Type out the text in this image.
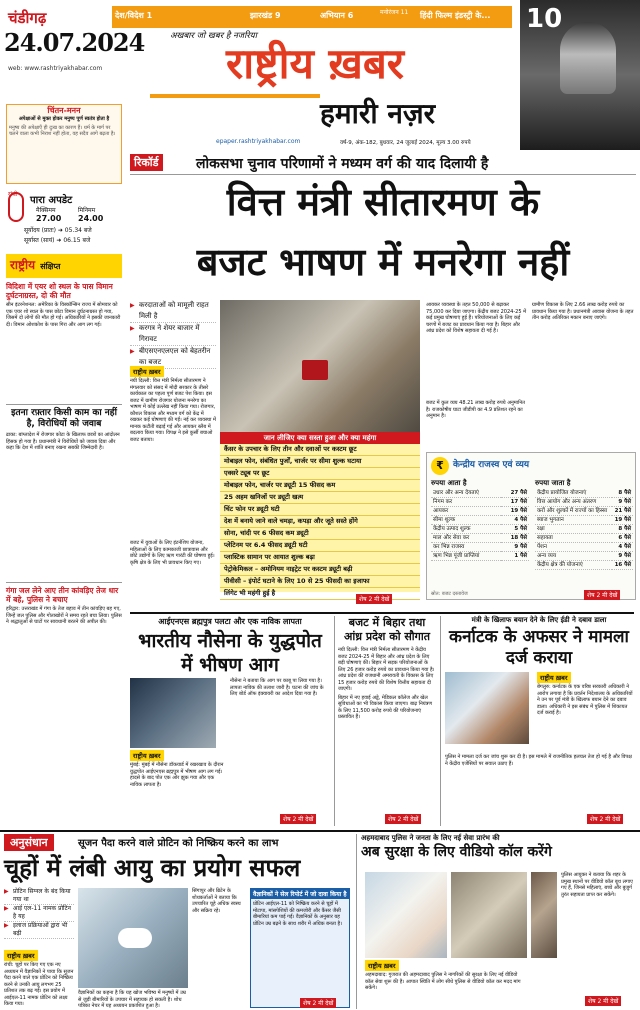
चंडीगढ़
24.07.2024
web: www.rashtriyakhabar.com
देश/विदेश 1	झारखंड 9	अभियान 6	मनोरंजन 11	हिंदी फिल्म इंडस्ट्री के...
अखबार जो खबर है नजरिया
राष्ट्रीय ख़बर
हमारी नज़र
epaper.rashtriyakhabar.com	वर्ष-9, अंक-182, बुधवार, 24 जुलाई 2024, मूल्य 3.00 रुपये
10
चिंतन-मनन
अपेक्षाओं से मुक्त होकर मनुष्य पूर्ण स्वतंत्र होता है
मनुष्य की अपेक्षाएँ ही दुःख का कारण हैं। धर्म के मार्ग पर चलने वाला कभी निराश नहीं होता, वह सदैव आगे बढ़ता है।
रांची
पारा अपडेट
मैक्सिमम	मिनिमम
27.00 24.00
सूर्योदय (प्रातः) ➜ 05.34 बजे
सूर्यास्त (सायं) ➜ 06.15 बजे
राष्ट्रीय संक्षिप्त
विदिशा में एयर शो स्थल के पास विमान दुर्घटनाग्रस्त, दो की मौत
सीन इंटरनेशनल: अमेरिका के विस्कॉन्सिन राज्य में सोमवार को एक एयर शो स्थल के पास छोटा विमान दुर्घटनाग्रस्त हो गया, जिसमें दो लोगों की मौत हो गई। अधिकारियों ने इसकी जानकारी दी। विमान ओशकोश के पास गिरा और आग लग गई।
इतना रफ़्तार किसी काम का नहीं है, विरोधियों को जवाब
ढाका: बांग्लादेश में रोजगार कोटा के खिलाफ छात्रों का आंदोलन हिंसक हो गया है। प्रधानमंत्री ने विरोधियों को जवाब दिया और कहा कि देश में शांति बनाए रखना सबकी जिम्मेदारी है।
गंगा जल लेने आए तीन कांवड़िए तेज धार में बहे, पुलिस ने बचाए
हरिद्वार: उत्तराखंड में गंगा के तेज बहाव में तीन कांवड़िए बह गए, जिन्हें जल पुलिस और गोताखोरों ने समय रहते बचा लिया। पुलिस ने श्रद्धालुओं से घाटों पर सावधानी बरतने की अपील की।
रिकॉर्ड	लोकसभा चुनाव परिणामों ने मध्यम वर्ग की याद दिलायी है
वित्त मंत्री सीतारमण के
बजट भाषण में मनरेगा नहीं
▶ करदाताओं को मामूली राहत मिली है
▶ करगत्र ने शेयर बाजार में गिरावट
▶ बीएसएनएलएल को बेहतरीन का बजट
राष्ट्रीय ख़बर
नयी दिल्ली: वित्त मंत्री निर्मला सीतारमण ने मंगलवार को संसद में मोदी सरकार के तीसरे कार्यकाल का पहला पूर्ण बजट पेश किया। इस बजट में ग्रामीण रोजगार योजना मनरेगा का भाषण में कोई उल्लेख नहीं किया गया। रोजगार, कौशल विकास और मध्यम वर्ग को केंद्र में रखकर कई घोषणाएं की गईं। नई कर व्यवस्था में मानक कटौती बढ़ाई गई और आयकर स्लैब में बदलाव किया गया। विपक्ष ने इसे कुर्सी बचाओ बजट बताया।
बजट में युवाओं के लिए इंटर्नशिप योजना, महिलाओं के लिए कामकाजी छात्रावास और छोटे उद्योगों के लिए ऋण गारंटी की घोषणा हुई। कृषि क्षेत्र के लिए भी प्रावधान किए गए।
जान लीजिए क्या सस्ता हुआ और क्या महंगा
कैंसर के उपचार के लिए तीन और दवाओं पर कस्टम छूट
मोबाइल फोन, संबंधित पुर्जों, चार्जर पर सीमा शुल्क घटाया
एक्सरे ट्यूब पर छूट
मोबाइल फोन, चार्जर पर ड्यूटी 15 फीसद कम
25 अहम खनिजों पर ड्यूटी खत्म
चिंट फोन पर ड्यूटी घटी
देश में बनाये जाने वाले चमड़ा, कपड़ा और जूते सस्ते होंगे
सोना, चांदी पर 6 फीसद कम ड्यूटी
प्लेटिनम पर 6.4 फीसद ड्यूटी घटी
प्लास्टिक सामान पर आयात शुल्क बढ़ा
पेट्रोकेमिकल – अमोनियम नाइट्रेट पर कस्टम ड्यूटी बढ़ी
पीवीसी – इंपोर्ट घटाने के लिए 10 से 25 फीसदी का इजाफा
लिंगेट भी महंगी हुई है
शेष 2 मी देखें
आयकर व्यवस्था के तहत 50,000 से बढ़ाकर 75,000 कर दिया जाएगा। केंद्रीय बजट 2024-25 में कई प्रमुख घोषणाएं हुई हैं। परियोजनाओं के लिए कई चरणों में बजट का प्रावधान किया गया है। बिहार और आंध्र प्रदेश को विशेष सहायता दी गई है।
ग्रामीण विकास के लिए 2.66 लाख करोड़ रुपये का प्रावधान किया गया है। प्रधानमंत्री आवास योजना के तहत तीन करोड़ अतिरिक्त मकान बनाए जाएंगे।
बजट में कुल व्यय 48.21 लाख करोड़ रुपये अनुमानित है। राजकोषीय घाटा जीडीपी का 4.9 प्रतिशत रहने का अनुमान है।
₹	केन्द्रीय राजस्व एवं व्यय
रुपया आता है	रुपया जाता है
उधार और अन्य देयताएं	27 पैसे
निगम कर	17 पैसे
आयकर	19 पैसे
सीमा शुल्क	4 पैसे
केंद्रीय उत्पाद शुल्क	5 पैसे
माल और सेवा कर	18 पैसे
कर भिन्न राजस्व	9 पैसे
ऋण भिन्न पूंजी प्राप्तियां	1 पैसे
केंद्रीय प्रायोजित योजनाएं	8 पैसे
वित्त आयोग और अन्य अंतरण	9 पैसे
करों और शुल्कों में राज्यों का हिस्सा	21 पैसे
ब्याज भुगतान	19 पैसे
रक्षा	8 पैसे
सहायता	6 पैसे
पेंशन	4 पैसे
अन्य व्यय	9 पैसे
केंद्रीय क्षेत्र की योजनाएं	16 पैसे
स्रोत: बजट दस्तावेज	शेष 2 मी देखें
आईएनएस ब्रह्मपुत्र पलटा और एक नाविक लापता
भारतीय नौसेना के युद्धपोत में भीषण आग
राष्ट्रीय ख़बर
मुंबई: मुंबई में नौसेना डॉकयार्ड में रखरखाव के दौरान युद्धपोत आईएनएस ब्रह्मपुत्र में भीषण आग लग गई। हादसे के बाद पोत एक ओर झुक गया और एक नाविक लापता है।
नौसेना ने बताया कि आग पर काबू पा लिया गया है। लापता नाविक की तलाश जारी है। घटना की जांच के लिए बोर्ड ऑफ इंक्वायरी का आदेश दिया गया है।
शेष 2 मी देखें
बजट में बिहार तथा आंध्र प्रदेश को सौगात
नयी दिल्ली: वित्त मंत्री निर्मला सीतारमण ने केंद्रीय बजट 2024-25 में बिहार और आंध्र प्रदेश के लिए बड़ी घोषणाएं कीं। बिहार में सड़क परियोजनाओं के लिए 26 हजार करोड़ रुपये का प्रावधान किया गया है। आंध्र प्रदेश की राजधानी अमरावती के विकास के लिए 15 हजार करोड़ रुपये की विशेष वित्तीय सहायता दी जाएगी।
बिहार में नए हवाई अड्डे, मेडिकल कॉलेज और खेल सुविधाओं का भी विकास किया जाएगा। बाढ़ नियंत्रण के लिए 11,500 करोड़ रुपये की परियोजनाएं प्रस्तावित हैं।
शेष 2 मी देखें
मंत्री के खिलाफ बयान देने के लिए ईडी ने दबाव डाला
कर्नाटक के अफसर ने मामला दर्ज कराया
राष्ट्रीय ख़बर
बेंगलुरु: कर्नाटक के एक वरिष्ठ सरकारी अधिकारी ने आरोप लगाया है कि प्रवर्तन निदेशालय के अधिकारियों ने उन पर पूर्व मंत्री के खिलाफ बयान देने का दबाव डाला। अधिकारी ने इस संबंध में पुलिस में शिकायत दर्ज कराई है।
पुलिस ने मामला दर्ज कर जांच शुरू कर दी है। इस मामले में राजनीतिक हलचल तेज हो गई है और विपक्ष ने केंद्रीय एजेंसियों पर सवाल उठाए हैं।
शेष 2 मी देखें
अनुसंधान	सूजन पैदा करने वाले प्रोटिन को निष्क्रिय करने का लाभ
चूहों में लंबी आयु का प्रयोग सफल
▶ प्रोटिन सिग्नल के बंद किया गया था
▶ आई एल-11 नामक प्रोटिन है यह
▶ इलाज प्रक्रियाओं द्वारा भी बढ़ी
राष्ट्रीय ख़बर
रांची: चूहों पर किए गए एक नए अध्ययन में वैज्ञानिकों ने पाया कि सूजन पैदा करने वाले एक प्रोटिन को निष्क्रिय करने से उनकी आयु लगभग 25 प्रतिशत तक बढ़ गई। इस प्रयोग में आईएल-11 नामक प्रोटिन को लक्ष्य किया गया।
वैज्ञानिकों का कहना है कि यह खोज भविष्य में मनुष्यों में उम्र से जुड़ी बीमारियों के उपचार में सहायक हो सकती है। शोध पत्रिका नेचर में यह अध्ययन प्रकाशित हुआ है।
सिंगापुर और ब्रिटेन के शोधकर्ताओं ने बताया कि उपचारित चूहे अधिक स्वस्थ और सक्रिय रहे।
वैज्ञानिकों ने सेल रिपोर्ट में जो दावा किया है
प्रोटिन आईएल-11 को निष्क्रिय करने से चूहों में मोटापा, मांसपेशियों की कमजोरी और कैंसर जैसी बीमारियां कम पाई गईं। वैज्ञानिकों के अनुसार यह प्रोटिन उम्र बढ़ने के साथ शरीर में अधिक बनता है।
शेष 2 मी देखें
अहमदाबाद पुलिस ने जनता के लिए नई सेवा प्रारंभ की
अब सुरक्षा के लिए वीडियो कॉल करेंगे
राष्ट्रीय ख़बर
अहमदाबाद: गुजरात की अहमदाबाद पुलिस ने नागरिकों की सुरक्षा के लिए नई वीडियो कॉल सेवा शुरू की है। आपात स्थिति में लोग सीधे पुलिस से वीडियो कॉल कर मदद मांग सकेंगे।
पुलिस आयुक्त ने बताया कि शहर के प्रमुख स्थानों पर वीडियो कॉल बूथ लगाए गए हैं, जिनसे महिलाएं, बच्चे और बुजुर्ग तुरंत सहायता प्राप्त कर सकेंगे।
शेष 2 मी देखें
